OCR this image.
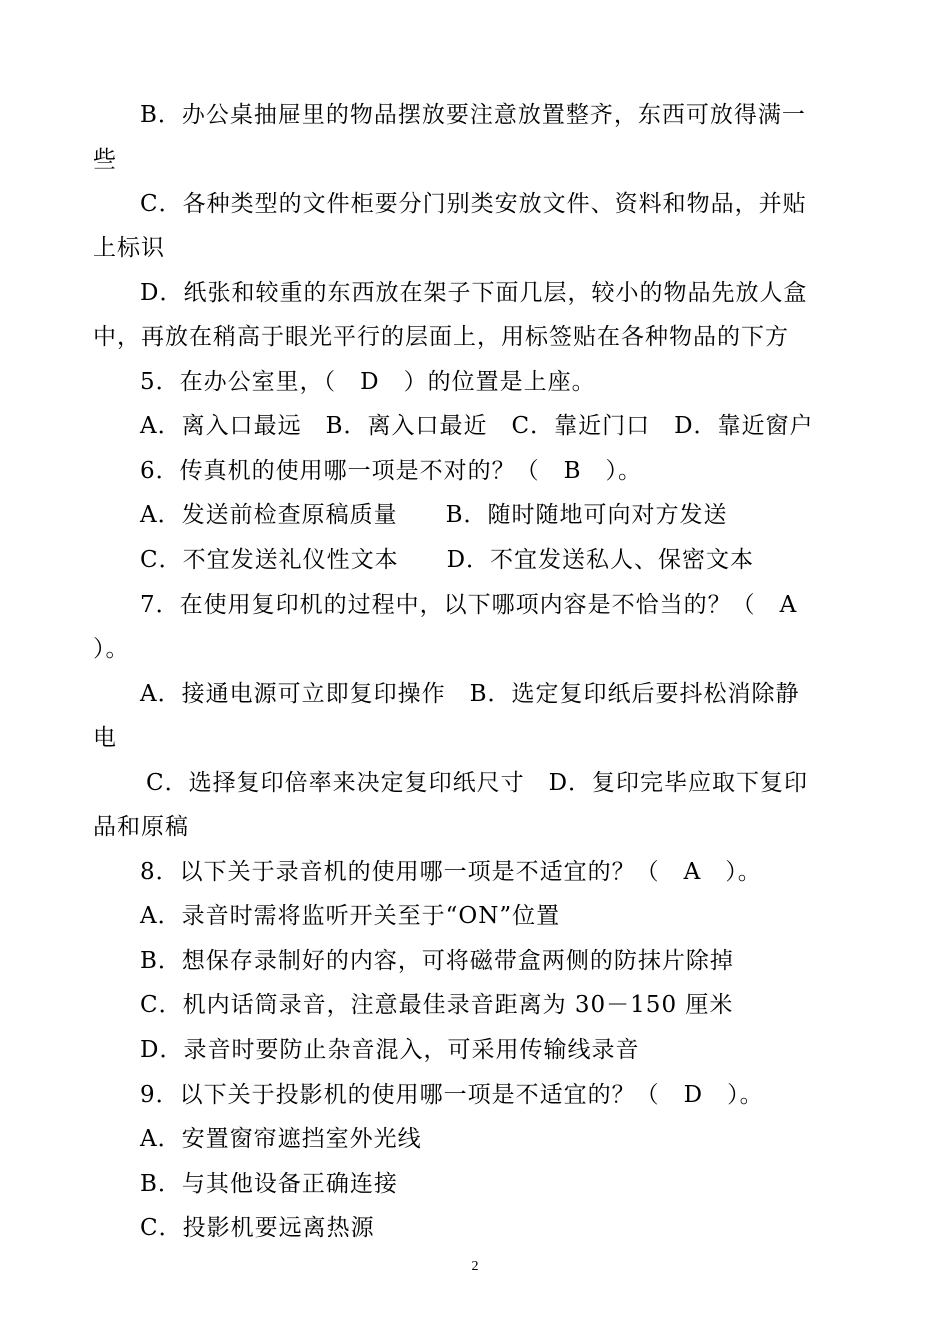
B．办公桌抽屉里的物品摆放要注意放置整齐，东西可放得满一
些
C．各种类型的文件柜要分门别类安放文件、资料和物品，并贴
上标识
D．纸张和较重的东西放在架子下面几层，较小的物品先放人盒
中，再放在稍高于眼光平行的层面上，用标签贴在各种物品的下方
5．在办公室里，（　D　）的位置是上座。
A．离入口最远　B．离入口最近　C．靠近门口　D．靠近窗户
6．传真机的使用哪一项是不对的？（　B　）。
A．发送前检查原稿质量　　B．随时随地可向对方发送
C．不宜发送礼仪性文本　　D．不宜发送私人、保密文本
7．在使用复印机的过程中，以下哪项内容是不恰当的？（　A
）。
A．接通电源可立即复印操作　B．选定复印纸后要抖松消除静
电
C．选择复印倍率来决定复印纸尺寸　D．复印完毕应取下复印
品和原稿
8．以下关于录音机的使用哪一项是不适宜的？（　A　）。
A．录音时需将监听开关至于“ON”位置
B．想保存录制好的内容，可将磁带盒两侧的防抹片除掉
C．机内话筒录音，注意最佳录音距离为 30－150 厘米
D．录音时要防止杂音混入，可采用传输线录音
9．以下关于投影机的使用哪一项是不适宜的？（　D　）。
A．安置窗帘遮挡室外光线
B．与其他设备正确连接
C．投影机要远离热源
2
